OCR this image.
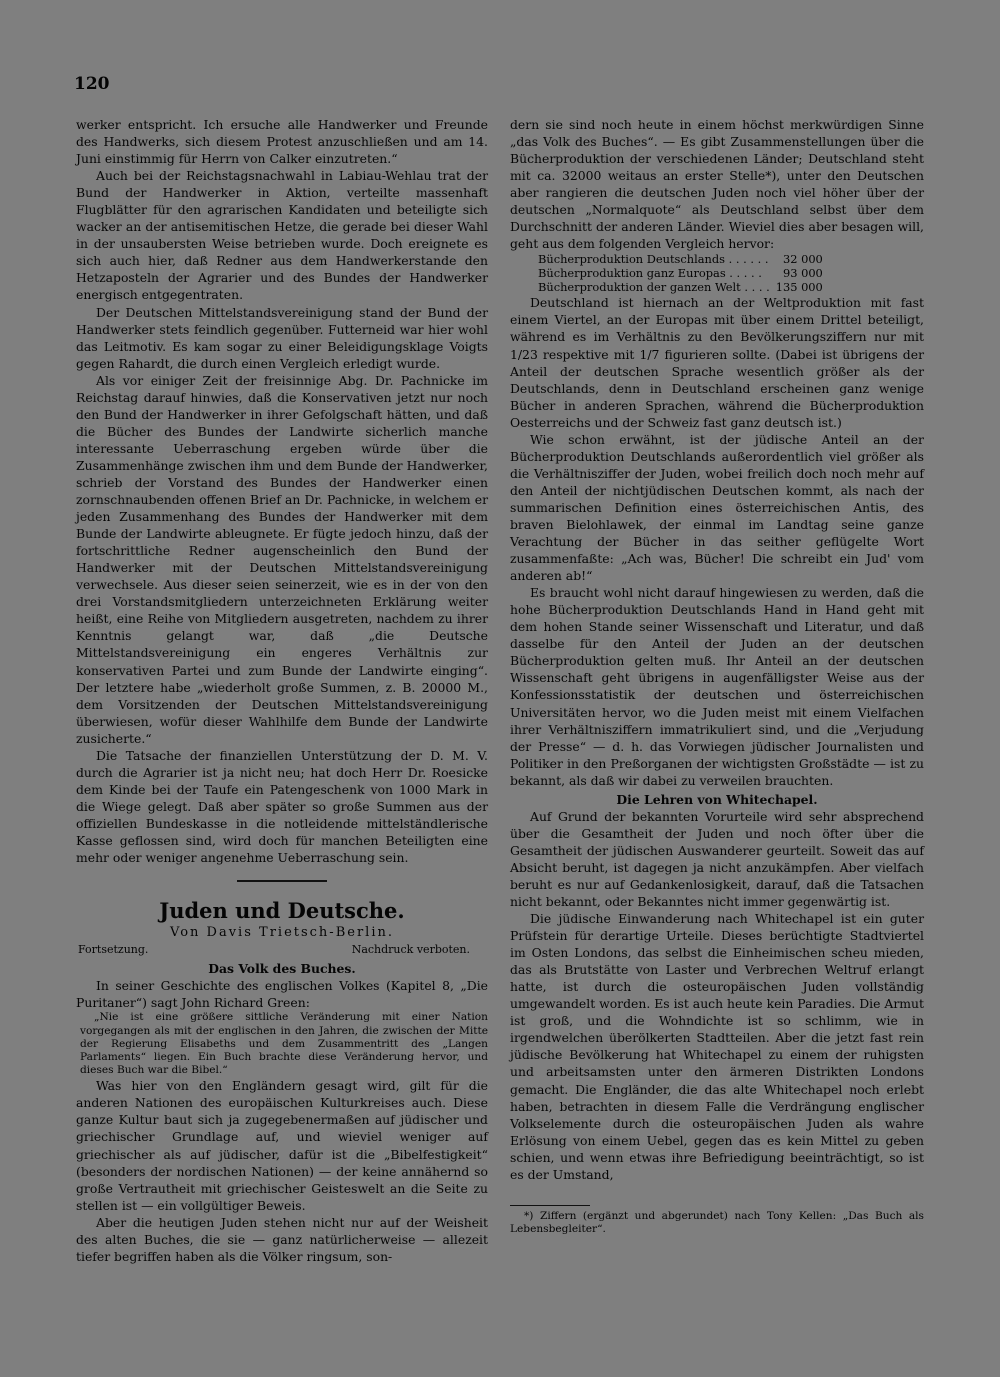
120

werker entspricht. Ich ersuche alle Handwerker und Freunde des Handwerks, sich diesem Protest anzuschließen und am 14. Juni einstimmig für Herrn von Calker einzutreten.“

Auch bei der Reichstagsnachwahl in Labiau-Wehlau trat der Bund der Handwerker in Aktion, verteilte massenhaft Flugblätter für den agrarischen Kandidaten und beteiligte sich wacker an der antisemitischen Hetze, die gerade bei dieser Wahl in der unsaubersten Weise betrieben wurde. Doch ereignete es sich auch hier, daß Redner aus dem Handwerkerstande den Hetzaposteln der Agrarier und des Bundes der Handwerker energisch entgegentraten.

Der Deutschen Mittelstandsvereinigung stand der Bund der Handwerker stets feindlich gegenüber. Futterneid war hier wohl das Leitmotiv. Es kam sogar zu einer Beleidigungsklage Voigts gegen Rahardt, die durch einen Vergleich erledigt wurde.

Als vor einiger Zeit der freisinnige Abg. Dr. Pachnicke im Reichstag darauf hinwies, daß die Konservativen jetzt nur noch den Bund der Handwerker in ihrer Gefolgschaft hätten, und daß die Bücher des Bundes der Landwirte sicherlich manche interessante Ueberraschung ergeben würde über die Zusammenhänge zwischen ihm und dem Bunde der Handwerker, schrieb der Vorstand des Bundes der Handwerker einen zornschnaubenden offenen Brief an Dr. Pachnicke, in welchem er jeden Zusammenhang des Bundes der Handwerker mit dem Bunde der Landwirte ableugnete. Er fügte jedoch hinzu, daß der fortschrittliche Redner augenscheinlich den Bund der Handwerker mit der Deutschen Mittelstandsvereinigung verwechsele. Aus dieser seien seinerzeit, wie es in der von den drei Vorstandsmitgliedern unterzeichneten Erklärung weiter heißt, eine Reihe von Mitgliedern ausgetreten, nachdem zu ihrer Kenntnis gelangt war, daß „die Deutsche Mittelstandsvereinigung ein engeres Verhältnis zur konservativen Partei und zum Bunde der Landwirte einging“. Der letztere habe „wiederholt große Summen, z. B. 20000 M., dem Vorsitzenden der Deutschen Mittelstandsvereinigung überwiesen, wofür dieser Wahlhilfe dem Bunde der Landwirte zusicherte.“

Die Tatsache der finanziellen Unterstützung der D. M. V. durch die Agrarier ist ja nicht neu; hat doch Herr Dr. Roesicke dem Kinde bei der Taufe ein Patengeschenk von 1000 Mark in die Wiege gelegt. Daß aber später so große Summen aus der offiziellen Bundeskasse in die notleidende mittelständlerische Kasse geflossen sind, wird doch für manchen Beteiligten eine mehr oder weniger angenehme Ueberraschung sein.

Juden und Deutsche.

Von Davis Trietsch-Berlin.

Fortsetzung.	Nachdruck verboten.

Das Volk des Buches.

In seiner Geschichte des englischen Volkes (Kapitel 8, „Die Puritaner“) sagt John Richard Green:

„Nie ist eine größere sittliche Veränderung mit einer Nation vorgegangen als mit der englischen in den Jahren, die zwischen der Mitte der Regierung Elisabeths und dem Zusammentritt des „Langen Parlaments“ liegen. Ein Buch brachte diese Veränderung hervor, und dieses Buch war die Bibel.“

Was hier von den Engländern gesagt wird, gilt für die anderen Nationen des europäischen Kulturkreises auch. Diese ganze Kultur baut sich ja zugegebenermaßen auf jüdischer und griechischer Grundlage auf, und wieviel weniger auf griechischer als auf jüdischer, dafür ist die „Bibelfestigkeit“ (besonders der nordischen Nationen) — der keine annähernd so große Vertrautheit mit griechischer Geisteswelt an die Seite zu stellen ist — ein vollgültiger Beweis.

Aber die heutigen Juden stehen nicht nur auf der Weisheit des alten Buches, die sie — ganz natürlicherweise — allezeit tiefer begriffen haben als die Völker ringsum, son-

dern sie sind noch heute in einem höchst merkwürdigen Sinne „das Volk des Buches“. — Es gibt Zusammenstellungen über die Bücherproduktion der verschiedenen Länder; Deutschland steht mit ca. 32000 weitaus an erster Stelle*), unter den Deutschen aber rangieren die deutschen Juden noch viel höher über der deutschen „Normalquote“ als Deutschland selbst über dem Durchschnitt der anderen Länder. Wieviel dies aber besagen will, geht aus dem folgenden Vergleich hervor:

Bücherproduktion Deutschlands . . . . . .	32 000
Bücherproduktion ganz Europas . . . . .	93 000
Bücherproduktion der ganzen Welt . . . .	135 000

Deutschland ist hiernach an der Weltproduktion mit fast einem Viertel, an der Europas mit über einem Drittel beteiligt, während es im Verhältnis zu den Bevölkerungsziffern nur mit 1/23 respektive mit 1/7 figurieren sollte. (Dabei ist übrigens der Anteil der deutschen Sprache wesentlich größer als der Deutschlands, denn in Deutschland erscheinen ganz wenige Bücher in anderen Sprachen, während die Bücherproduktion Oesterreichs und der Schweiz fast ganz deutsch ist.)

Wie schon erwähnt, ist der jüdische Anteil an der Bücherproduktion Deutschlands außerordentlich viel größer als die Verhältnisziffer der Juden, wobei freilich doch noch mehr auf den Anteil der nichtjüdischen Deutschen kommt, als nach der summarischen Definition eines österreichischen Antis, des braven Bielohlawek, der einmal im Landtag seine ganze Verachtung der Bücher in das seither geflügelte Wort zusammenfaßte: „Ach was, Bücher! Die schreibt ein Jud' vom anderen ab!“

Es braucht wohl nicht darauf hingewiesen zu werden, daß die hohe Bücherproduktion Deutschlands Hand in Hand geht mit dem hohen Stande seiner Wissenschaft und Literatur, und daß dasselbe für den Anteil der Juden an der deutschen Bücherproduktion gelten muß. Ihr Anteil an der deutschen Wissenschaft geht übrigens in augenfälligster Weise aus der Konfessionsstatistik der deutschen und österreichischen Universitäten hervor, wo die Juden meist mit einem Vielfachen ihrer Verhältnisziffern immatrikuliert sind, und die „Verjudung der Presse“ — d. h. das Vorwiegen jüdischer Journalisten und Politiker in den Preßorganen der wichtigsten Großstädte — ist zu bekannt, als daß wir dabei zu verweilen brauchten.

Die Lehren von Whitechapel.

Auf Grund der bekannten Vorurteile wird sehr absprechend über die Gesamtheit der Juden und noch öfter über die Gesamtheit der jüdischen Auswanderer geurteilt. Soweit das auf Absicht beruht, ist dagegen ja nicht anzukämpfen. Aber vielfach beruht es nur auf Gedankenlosigkeit, darauf, daß die Tatsachen nicht bekannt, oder Bekanntes nicht immer gegenwärtig ist.

Die jüdische Einwanderung nach Whitechapel ist ein guter Prüfstein für derartige Urteile. Dieses berüchtigte Stadtviertel im Osten Londons, das selbst die Einheimischen scheu mieden, das als Brutstätte von Laster und Verbrechen Weltruf erlangt hatte, ist durch die osteuropäischen Juden vollständig umgewandelt worden. Es ist auch heute kein Paradies. Die Armut ist groß, und die Wohndichte ist so schlimm, wie in irgendwelchen überölkerten Stadtteilen. Aber die jetzt fast rein jüdische Bevölkerung hat Whitechapel zu einem der ruhigsten und arbeitsamsten unter den ärmeren Distrikten Londons gemacht. Die Engländer, die das alte Whitechapel noch erlebt haben, betrachten in diesem Falle die Verdrängung englischer Volkselemente durch die osteuropäischen Juden als wahre Erlösung von einem Uebel, gegen das es kein Mittel zu geben schien, und wenn etwas ihre Befriedigung beeinträchtigt, so ist es der Umstand,

*) Ziffern (ergänzt und abgerundet) nach Tony Kellen: „Das Buch als Lebensbegleiter“.
